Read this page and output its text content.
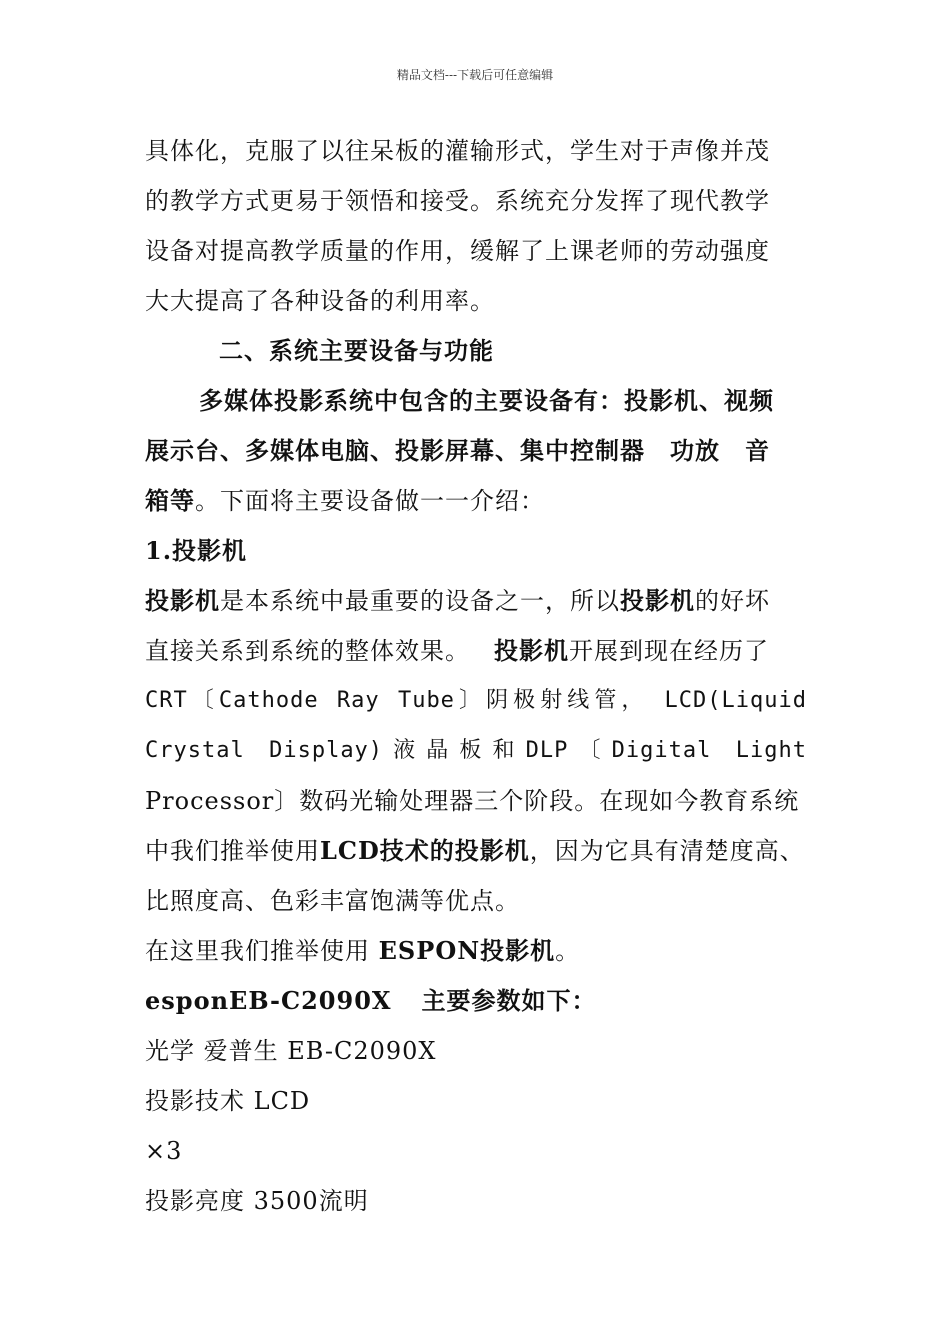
精品文档---下载后可任意编辑
具体化，克服了以往呆板的灌输形式，学生对于声像并茂
的教学方式更易于领悟和接受。系统充分发挥了现代教学
设备对提高教学质量的作用，缓解了上课老师的劳动强度
大大提高了各种设备的利用率。
二、系统主要设备与功能
多媒体投影系统中包含的主要设备有：投影机、视频
展示台、多媒体电脑、投影屏幕、集中控制器　功放　音
箱等。下面将主要设备做一一介绍：
1.投影机
投影机是本系统中最重要的设备之一，所以投影机的好坏
直接关系到系统的整体效果。 投影机开展到现在经历了
CRT〔Cathode Ray Tube〕阴极射线管，　LCD(Liquid
Crystal Display)液晶板和DLP〔Digital Light
Processor〕数码光输处理器三个阶段。在现如今教育系统
中我们推举使用LCD技术的投影机，因为它具有清楚度高、
比照度高、色彩丰富饱满等优点。
在这里我们推举使用 ESPON投影机。
esponEB-C2090X 主要参数如下：
光学 爱普生 EB-C2090X
投影技术 LCD
×3
投影亮度 3500流明
